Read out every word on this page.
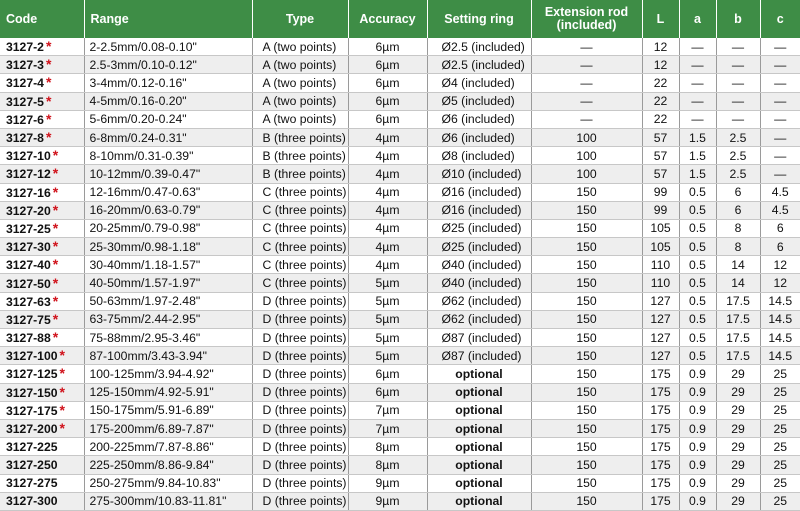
Code	Range	Type	Accuracy	Setting ring	Extension rod
(included)	L	a	b	c
3127-2 *	2-2.5mm/0.08-0.10"	A (two points)	6µm	Ø2.5 (included)	—	12	—	—	—
3127-3 *	2.5-3mm/0.10-0.12"	A (two points)	6µm	Ø2.5 (included)	—	12	—	—	—
3127-4 *	3-4mm/0.12-0.16"	A (two points)	6µm	Ø4 (included)	—	22	—	—	—
3127-5 *	4-5mm/0.16-0.20"	A (two points)	6µm	Ø5 (included)	—	22	—	—	—
3127-6 *	5-6mm/0.20-0.24"	A (two points)	6µm	Ø6 (included)	—	22	—	—	—
3127-8 *	6-8mm/0.24-0.31"	B (three points)	4µm	Ø6 (included)	100	57	1.5	2.5	—
3127-10 *	8-10mm/0.31-0.39"	B (three points)	4µm	Ø8 (included)	100	57	1.5	2.5	—
3127-12 *	10-12mm/0.39-0.47"	B (three points)	4µm	Ø10 (included)	100	57	1.5	2.5	—
3127-16 *	12-16mm/0.47-0.63"	C (three points)	4µm	Ø16 (included)	150	99	0.5	6	4.5
3127-20 *	16-20mm/0.63-0.79"	C (three points)	4µm	Ø16 (included)	150	99	0.5	6	4.5
3127-25 *	20-25mm/0.79-0.98"	C (three points)	4µm	Ø25 (included)	150	105	0.5	8	6
3127-30 *	25-30mm/0.98-1.18"	C (three points)	4µm	Ø25 (included)	150	105	0.5	8	6
3127-40 *	30-40mm/1.18-1.57"	C (three points)	4µm	Ø40 (included)	150	110	0.5	14	12
3127-50 *	40-50mm/1.57-1.97"	C (three points)	5µm	Ø40 (included)	150	110	0.5	14	12
3127-63 *	50-63mm/1.97-2.48"	D (three points)	5µm	Ø62 (included)	150	127	0.5	17.5	14.5
3127-75 *	63-75mm/2.44-2.95"	D (three points)	5µm	Ø62 (included)	150	127	0.5	17.5	14.5
3127-88 *	75-88mm/2.95-3.46"	D (three points)	5µm	Ø87 (included)	150	127	0.5	17.5	14.5
3127-100 *	87-100mm/3.43-3.94"	D (three points)	5µm	Ø87 (included)	150	127	0.5	17.5	14.5
3127-125 *	100-125mm/3.94-4.92"	D (three points)	6µm	optional	150	175	0.9	29	25
3127-150 *	125-150mm/4.92-5.91"	D (three points)	6µm	optional	150	175	0.9	29	25
3127-175 *	150-175mm/5.91-6.89"	D (three points)	7µm	optional	150	175	0.9	29	25
3127-200 *	175-200mm/6.89-7.87"	D (three points)	7µm	optional	150	175	0.9	29	25
3127-225	200-225mm/7.87-8.86"	D (three points)	8µm	optional	150	175	0.9	29	25
3127-250	225-250mm/8.86-9.84"	D (three points)	8µm	optional	150	175	0.9	29	25
3127-275	250-275mm/9.84-10.83"	D (three points)	9µm	optional	150	175	0.9	29	25
3127-300	275-300mm/10.83-11.81"	D (three points)	9µm	optional	150	175	0.9	29	25
